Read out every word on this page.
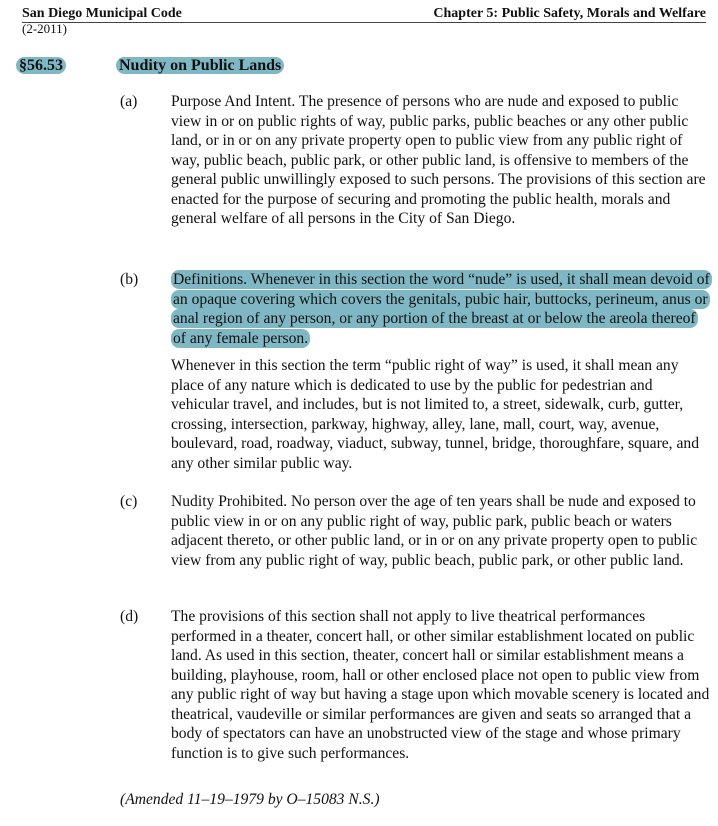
San Diego Municipal Code	Chapter 5: Public Safety, Morals and Welfare
(2-2011)
§56.53	Nudity on Public Lands
(a) Purpose And Intent. The presence of persons who are nude and exposed to public view in or on public rights of way, public parks, public beaches or any other public land, or in or on any private property open to public view from any public right of way, public beach, public park, or other public land, is offensive to members of the general public unwillingly exposed to such persons. The provisions of this section are enacted for the purpose of securing and promoting the public health, morals and general welfare of all persons in the City of San Diego.

(b) Definitions. Whenever in this section the word “nude” is used, it shall mean devoid of an opaque covering which covers the genitals, pubic hair, buttocks, perineum, anus or anal region of any person, or any portion of the breast at or below the areola thereof of any female person.

Whenever in this section the term “public right of way” is used, it shall mean any place of any nature which is dedicated to use by the public for pedestrian and vehicular travel, and includes, but is not limited to, a street, sidewalk, curb, gutter, crossing, intersection, parkway, highway, alley, lane, mall, court, way, avenue, boulevard, road, roadway, viaduct, subway, tunnel, bridge, thoroughfare, square, and any other similar public way.

(c) Nudity Prohibited. No person over the age of ten years shall be nude and exposed to public view in or on any public right of way, public park, public beach or waters adjacent thereto, or other public land, or in or on any private property open to public view from any public right of way, public beach, public park, or other public land.

(d) The provisions of this section shall not apply to live theatrical performances performed in a theater, concert hall, or other similar establishment located on public land. As used in this section, theater, concert hall or similar establishment means a building, playhouse, room, hall or other enclosed place not open to public view from any public right of way but having a stage upon which movable scenery is located and theatrical, vaudeville or similar performances are given and seats so arranged that a body of spectators can have an unobstructed view of the stage and whose primary function is to give such performances.

(Amended 11–19–1979 by O–15083 N.S.)
